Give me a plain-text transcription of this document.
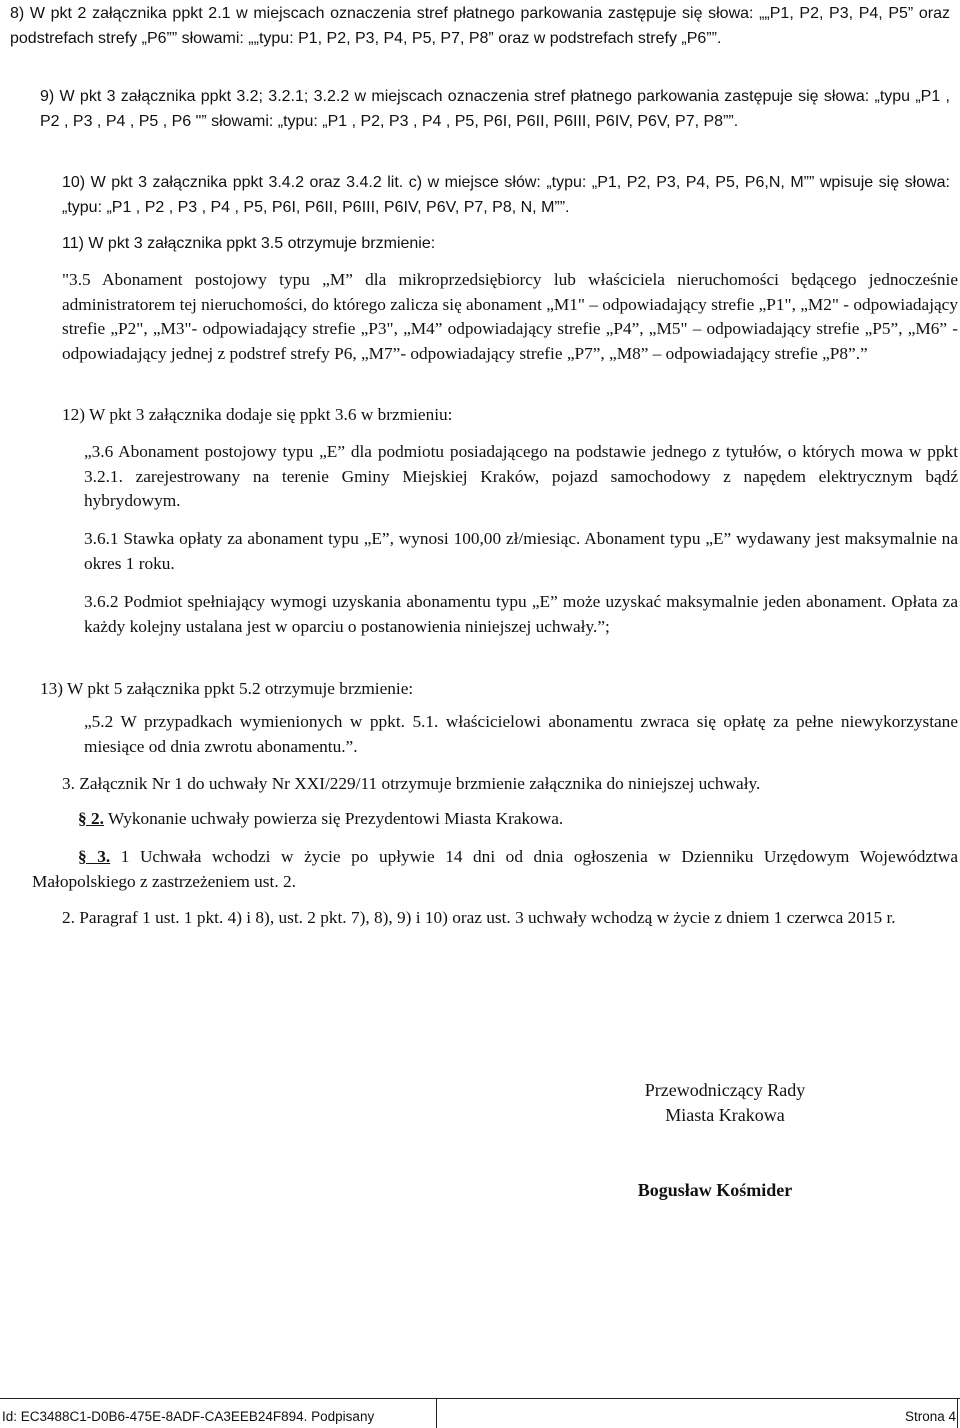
8) W pkt 2 załącznika ppkt 2.1 w miejscach oznaczenia stref płatnego parkowania zastępuje się słowa: „„P1, P2, P3, P4, P5” oraz podstrefach strefy „P6”” słowami: „„typu: P1, P2, P3, P4, P5, P7, P8” oraz w podstrefach strefy „P6””.

9) W pkt 3 załącznika ppkt 3.2; 3.2.1; 3.2.2 w miejscach oznaczenia stref płatnego parkowania zastępuje się słowa: „typu „P1 , P2 , P3 , P4 , P5 , P6 "” słowami: „typu: „P1 , P2, P3 , P4 , P5, P6I, P6II, P6III, P6IV, P6V, P7, P8””.

10) W pkt 3 załącznika ppkt 3.4.2 oraz 3.4.2 lit. c) w miejsce słów: „typu: „P1, P2, P3, P4, P5, P6,N, M”” wpisuje się słowa: „typu: „P1 , P2 , P3 , P4 , P5, P6I, P6II, P6III, P6IV, P6V, P7, P8, N, M””.

11) W pkt 3 załącznika ppkt 3.5 otrzymuje brzmienie:

"3.5 Abonament postojowy typu „M” dla mikroprzedsiębiorcy lub właściciela nieruchomości będącego jednocześnie administratorem tej nieruchomości, do którego zalicza się abonament „M1" – odpowiadający strefie „P1", „M2" - odpowiadający strefie „P2", „M3"- odpowiadający strefie „P3", „M4” odpowiadający strefie „P4”, „M5" – odpowiadający strefie „P5”, „M6” - odpowiadający jednej z podstref strefy P6, „M7”- odpowiadający strefie „P7”, „M8” – odpowiadający strefie „P8”.”

12) W pkt 3 załącznika dodaje się ppkt 3.6 w brzmieniu:

„3.6 Abonament postojowy typu „E” dla podmiotu posiadającego na podstawie jednego z tytułów, o których mowa w ppkt 3.2.1. zarejestrowany na terenie Gminy Miejskiej Kraków, pojazd samochodowy z napędem elektrycznym bądź hybrydowym.

3.6.1 Stawka opłaty za abonament typu „E”, wynosi 100,00 zł/miesiąc. Abonament typu „E” wydawany jest maksymalnie na okres 1 roku.

3.6.2 Podmiot spełniający wymogi uzyskania abonamentu typu „E” może uzyskać maksymalnie jeden abonament. Opłata za każdy kolejny ustalana jest w oparciu o postanowienia niniejszej uchwały.”;

13) W pkt 5 załącznika ppkt 5.2 otrzymuje brzmienie:

„5.2 W przypadkach wymienionych w ppkt. 5.1. właścicielowi abonamentu zwraca się opłatę za pełne niewykorzystane miesiące od dnia zwrotu abonamentu.”.

3. Załącznik Nr 1 do uchwały Nr XXI/229/11 otrzymuje brzmienie załącznika do niniejszej uchwały.

§ 2. Wykonanie uchwały powierza się Prezydentowi Miasta Krakowa.

§ 3. 1 Uchwała wchodzi w życie po upływie 14 dni od dnia ogłoszenia w Dzienniku Urzędowym Województwa Małopolskiego z zastrzeżeniem ust. 2.

2. Paragraf 1 ust. 1 pkt. 4) i 8), ust. 2 pkt. 7), 8), 9) i 10) oraz ust. 3 uchwały wchodzą w życie z dniem 1 czerwca 2015 r.

Przewodniczący Rady

Miasta Krakowa

Bogusław Kośmider

Id: EC3488C1-D0B6-475E-8ADF-CA3EEB24F894. Podpisany	Strona 4
